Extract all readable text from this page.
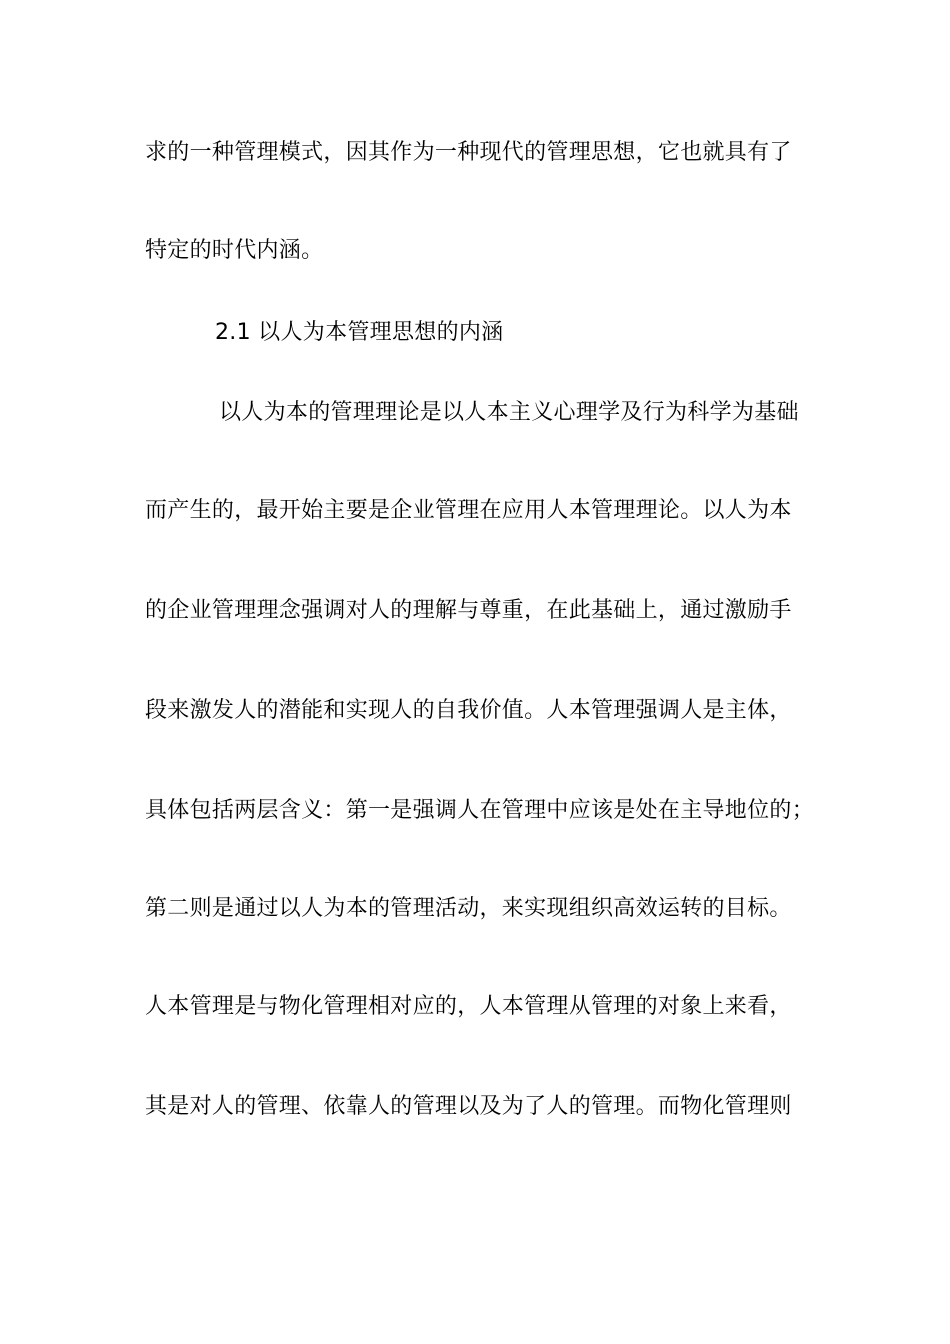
求的一种管理模式，因其作为一种现代的管理思想，它也就具有了
特定的时代内涵。
2.1 以人为本管理思想的内涵
以人为本的管理理论是以人本主义心理学及行为科学为基础
而产生的，最开始主要是企业管理在应用人本管理理论。以人为本
的企业管理理念强调对人的理解与尊重，在此基础上，通过激励手
段来激发人的潜能和实现人的自我价值。人本管理强调人是主体，
具体包括两层含义：第一是强调人在管理中应该是处在主导地位的；
第二则是通过以人为本的管理活动，来实现组织高效运转的目标。
人本管理是与物化管理相对应的，人本管理从管理的对象上来看，
其是对人的管理、依靠人的管理以及为了人的管理。而物化管理则
